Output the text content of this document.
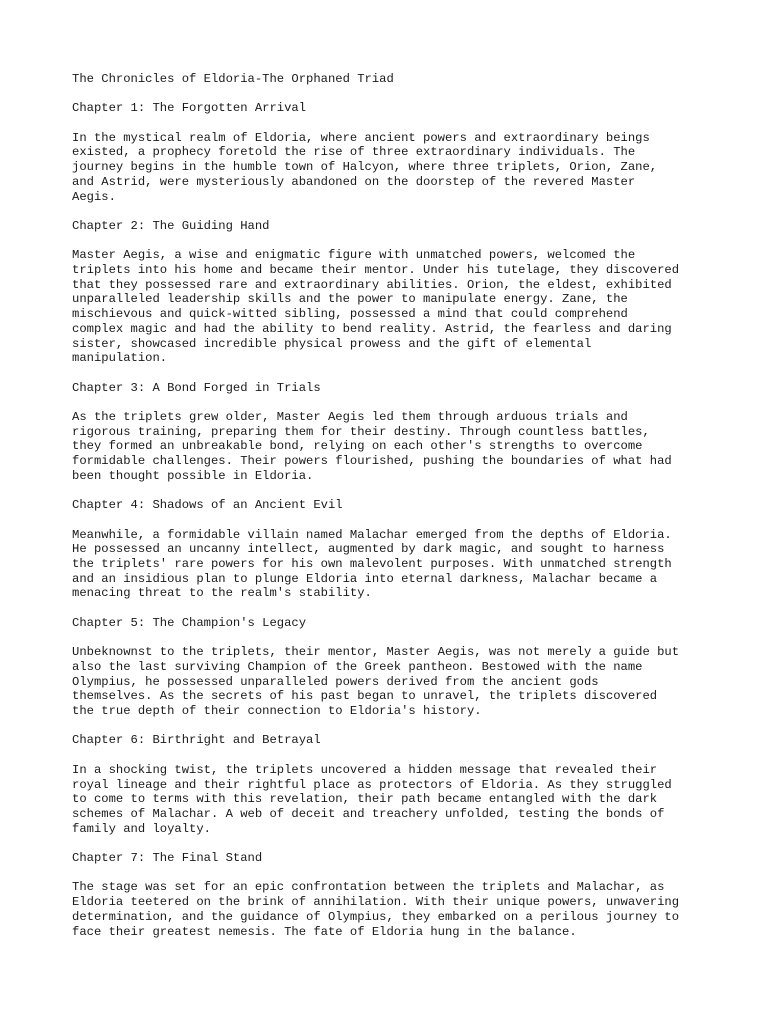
The Chronicles of Eldoria-The Orphaned Triad

Chapter 1: The Forgotten Arrival

In the mystical realm of Eldoria, where ancient powers and extraordinary beings
existed, a prophecy foretold the rise of three extraordinary individuals. The
journey begins in the humble town of Halcyon, where three triplets, Orion, Zane,
and Astrid, were mysteriously abandoned on the doorstep of the revered Master
Aegis.

Chapter 2: The Guiding Hand

Master Aegis, a wise and enigmatic figure with unmatched powers, welcomed the
triplets into his home and became their mentor. Under his tutelage, they discovered
that they possessed rare and extraordinary abilities. Orion, the eldest, exhibited
unparalleled leadership skills and the power to manipulate energy. Zane, the
mischievous and quick-witted sibling, possessed a mind that could comprehend
complex magic and had the ability to bend reality. Astrid, the fearless and daring
sister, showcased incredible physical prowess and the gift of elemental
manipulation.

Chapter 3: A Bond Forged in Trials

As the triplets grew older, Master Aegis led them through arduous trials and
rigorous training, preparing them for their destiny. Through countless battles,
they formed an unbreakable bond, relying on each other's strengths to overcome
formidable challenges. Their powers flourished, pushing the boundaries of what had
been thought possible in Eldoria.

Chapter 4: Shadows of an Ancient Evil

Meanwhile, a formidable villain named Malachar emerged from the depths of Eldoria.
He possessed an uncanny intellect, augmented by dark magic, and sought to harness
the triplets' rare powers for his own malevolent purposes. With unmatched strength
and an insidious plan to plunge Eldoria into eternal darkness, Malachar became a
menacing threat to the realm's stability.

Chapter 5: The Champion's Legacy

Unbeknownst to the triplets, their mentor, Master Aegis, was not merely a guide but
also the last surviving Champion of the Greek pantheon. Bestowed with the name
Olympius, he possessed unparalleled powers derived from the ancient gods
themselves. As the secrets of his past began to unravel, the triplets discovered
the true depth of their connection to Eldoria's history.

Chapter 6: Birthright and Betrayal

In a shocking twist, the triplets uncovered a hidden message that revealed their
royal lineage and their rightful place as protectors of Eldoria. As they struggled
to come to terms with this revelation, their path became entangled with the dark
schemes of Malachar. A web of deceit and treachery unfolded, testing the bonds of
family and loyalty.

Chapter 7: The Final Stand

The stage was set for an epic confrontation between the triplets and Malachar, as
Eldoria teetered on the brink of annihilation. With their unique powers, unwavering
determination, and the guidance of Olympius, they embarked on a perilous journey to
face their greatest nemesis. The fate of Eldoria hung in the balance.
